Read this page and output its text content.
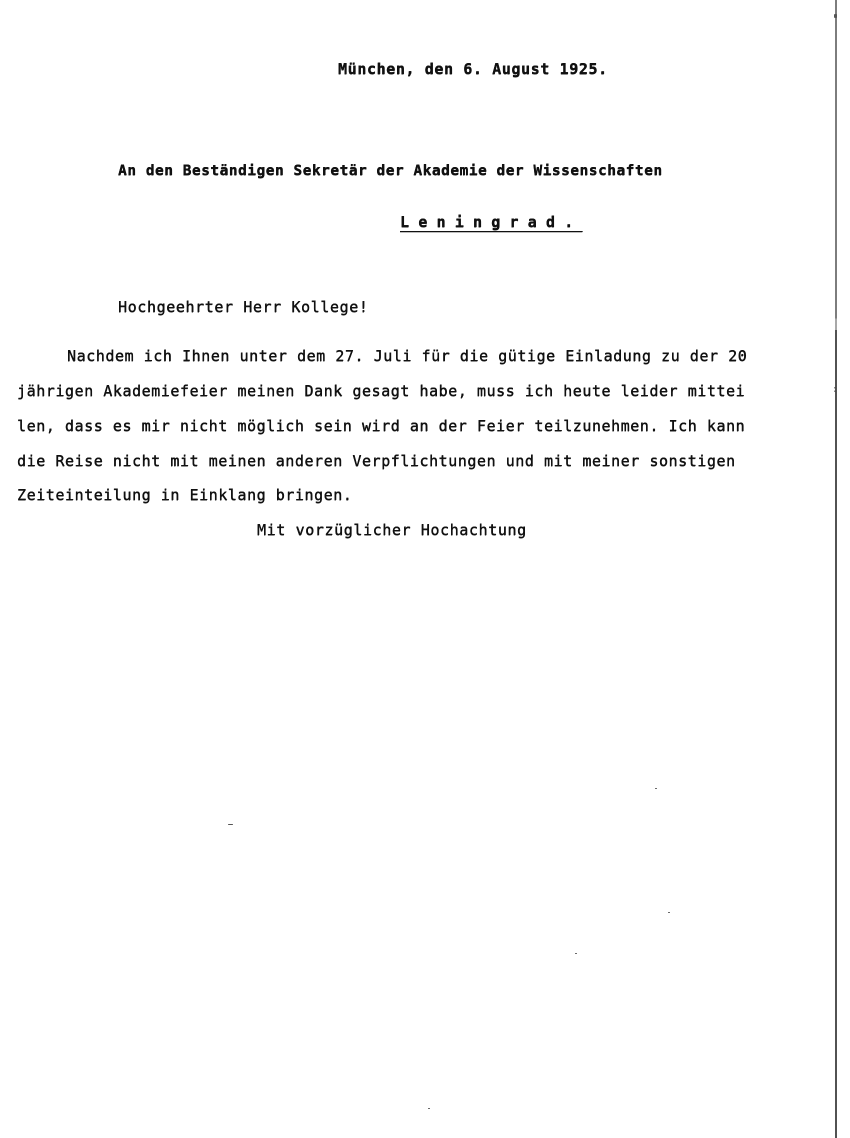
München, den 6. August 1925.
An den Beständigen Sekretär der Akademie der Wissenschaften
Leningrad.
Hochgeehrter Herr Kollege!
Nachdem ich Ihnen unter dem 27. Juli für die gütige Einladung zu der 20
jährigen Akademiefeier meinen Dank gesagt habe, muss ich heute leider mittei
len, dass es mir nicht möglich sein wird an der Feier teilzunehmen. Ich kann
die Reise nicht mit meinen anderen Verpflichtungen und mit meiner sonstigen
Zeiteinteilung in Einklang bringen.
Mit vorzüglicher Hochachtung
:
